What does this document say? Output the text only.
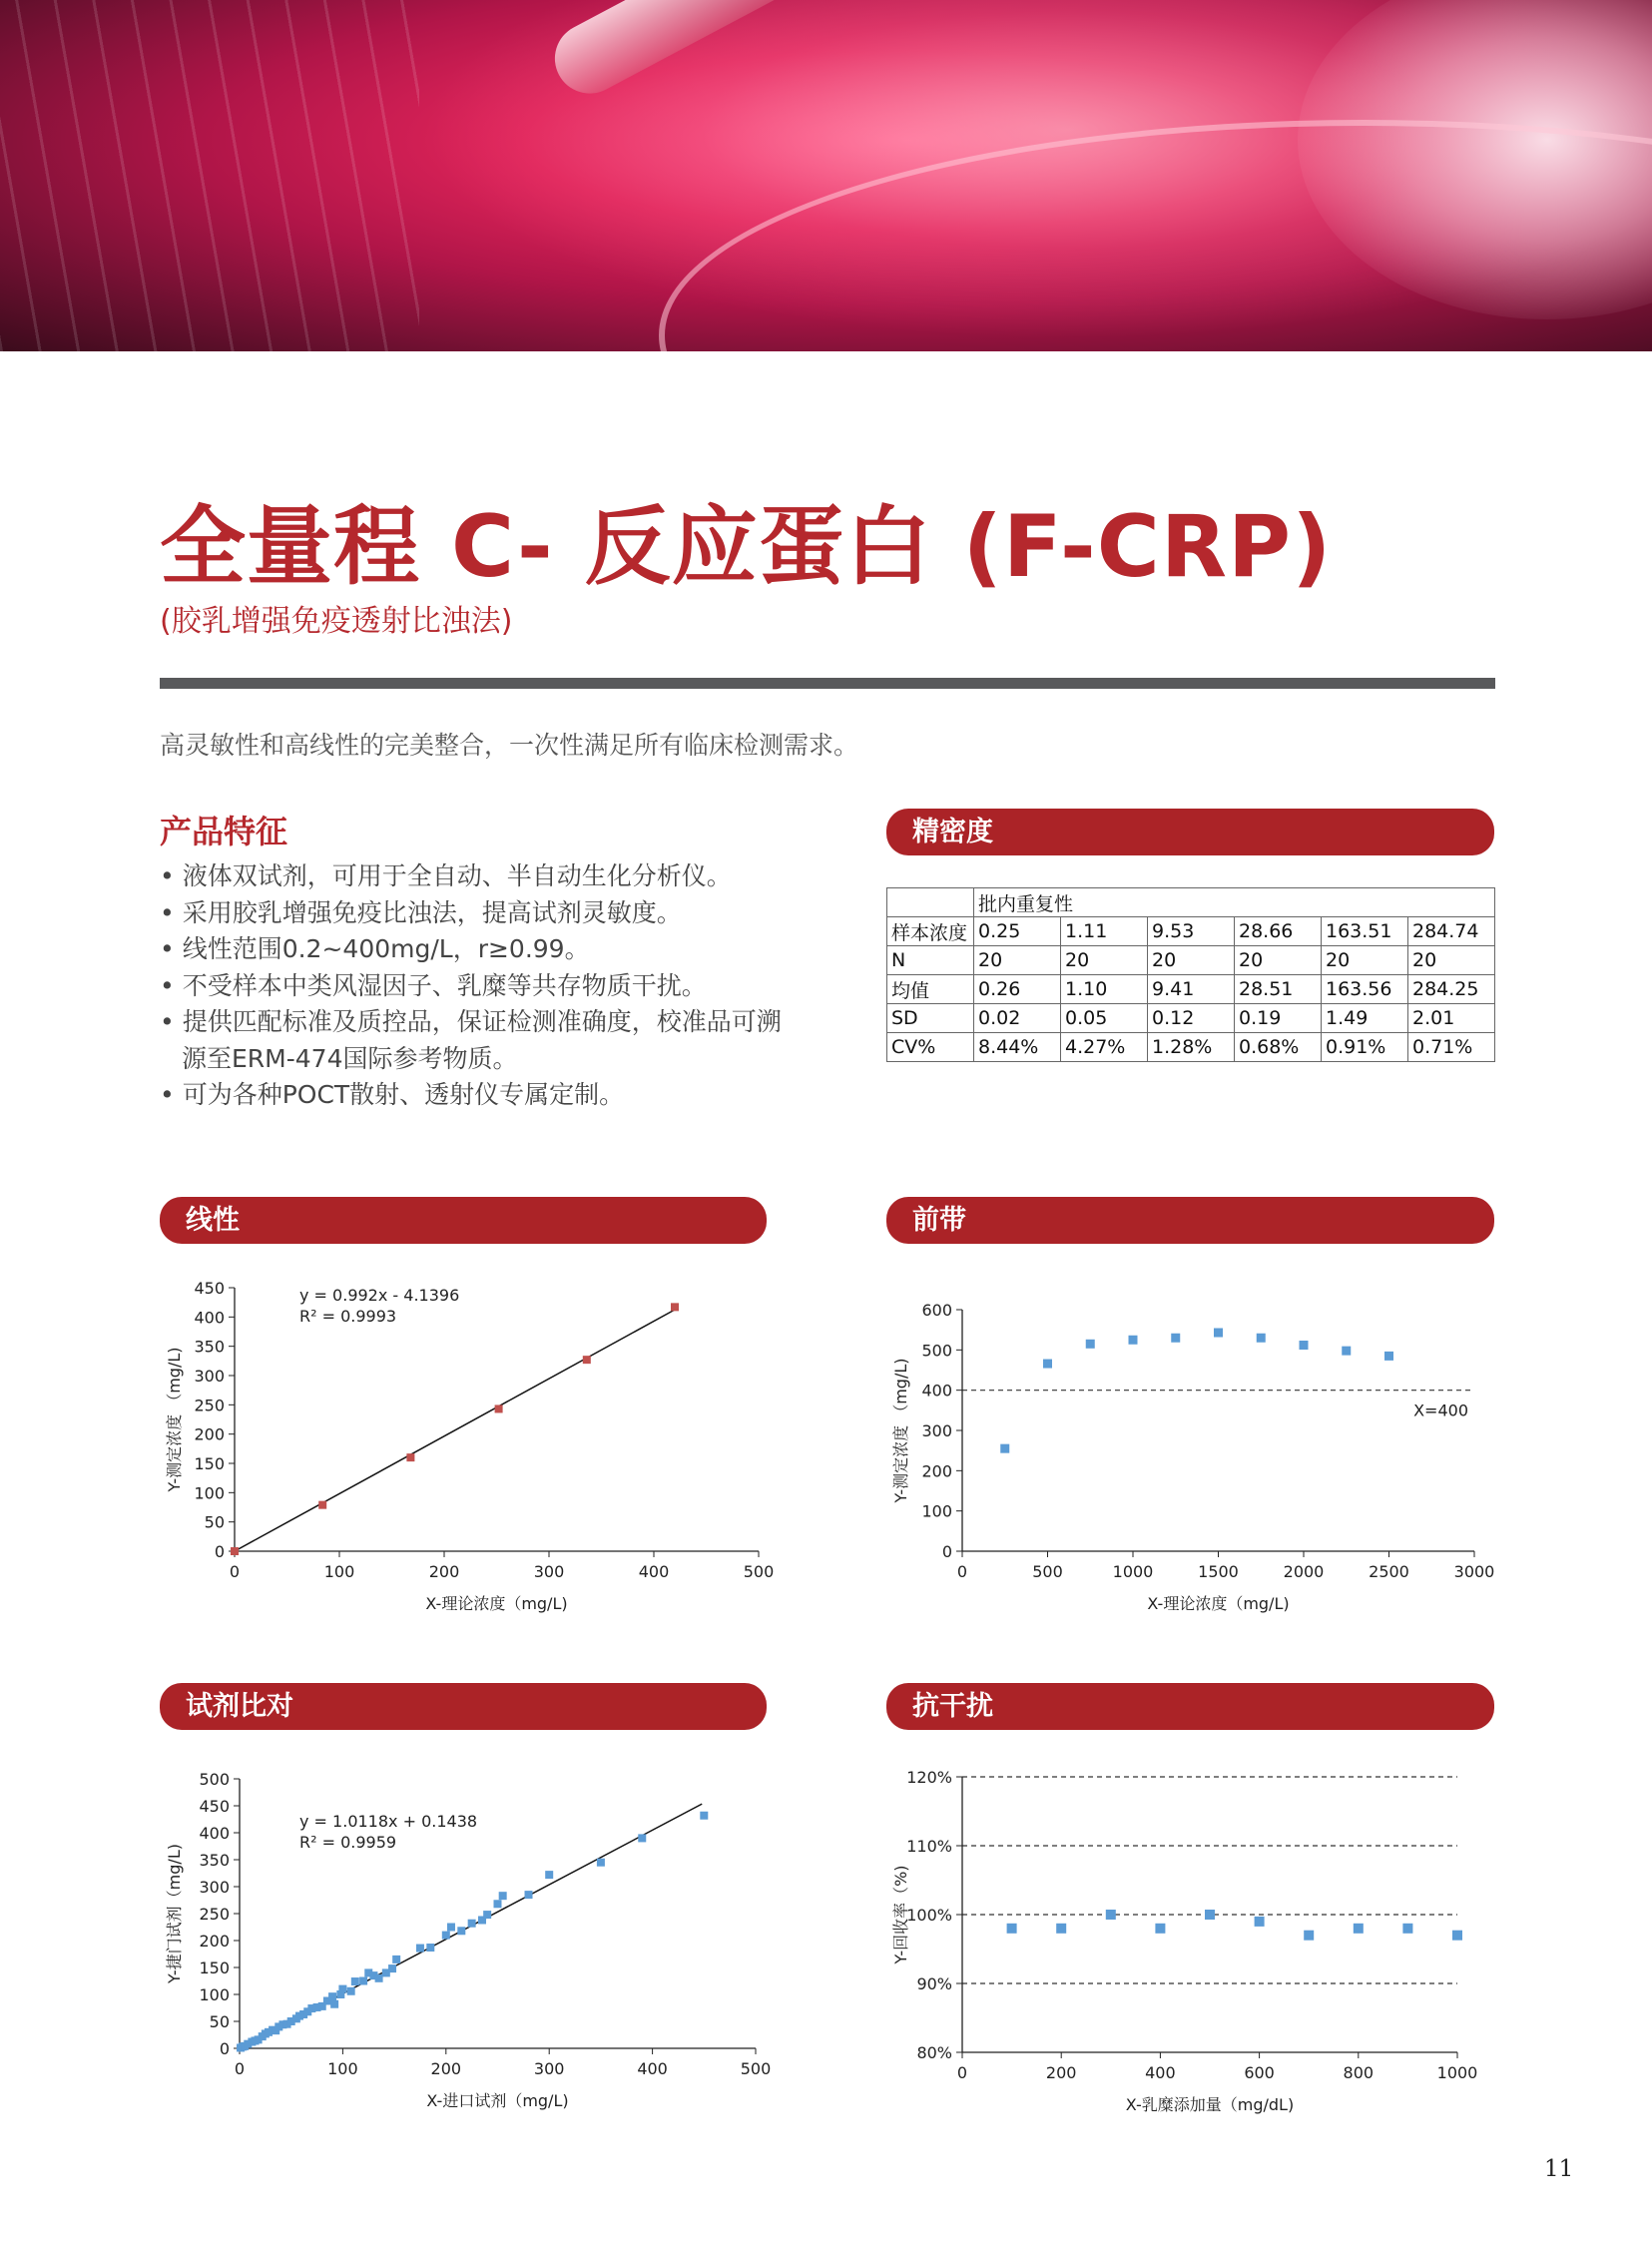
全量程 C- 反应蛋白 (F-CRP)
(胶乳增强免疫透射比浊法)
高灵敏性和高线性的完美整合，一次性满足所有临床检测需求。
产品特征
• 液体双试剂，可用于全自动、半自动生化分析仪。
• 采用胶乳增强免疫比浊法，提高试剂灵敏度。
• 线性范围0.2~400mg/L，r≥0.99。
• 不受样本中类风湿因子、乳糜等共存物质干扰。
• 提供匹配标准及质控品，保证检测准确度，校准品可溯源至ERM-474国际参考物质。
• 可为各种POCT散射、透射仪专属定制。
精密度
	批内重复性					
样本浓度	0.25	1.11	9.53	28.66	163.51	284.74
N	20	20	20	20	20	20
均值	0.26	1.10	9.41	28.51	163.56	284.25
SD	0.02	0.05	0.12	0.19	1.49	2.01
CV%	8.44%	4.27%	1.28%	0.68%	0.91%	0.71%
线性	前带
试剂比对	抗干扰
0
50
100
150
200
250
300
350
400
450
0	100	200	300	400	500
X-理论浓度（mg/L)
Y-测定浓度 （mg/L)
y = 0.992x - 4.1396
R² = 0.9993
X=400
0
100
200
300
400
500
600
0	500	1000	1500	2000	2500	3000
X-理论浓度（mg/L)
Y-测定浓度 （mg/L)
0
50
100
150
200
250
300
350
400
450
500
0	100	200	300	400	500
X-进口试剂（mg/L)
Y-捷门试剂（mg/L)
y = 1.0118x + 0.1438
R² = 0.9959
80%
90%
100%
110%
120%
0	200	400	600	800	1000
X-乳糜添加量（mg/dL)
Y-回收率（%)
11
